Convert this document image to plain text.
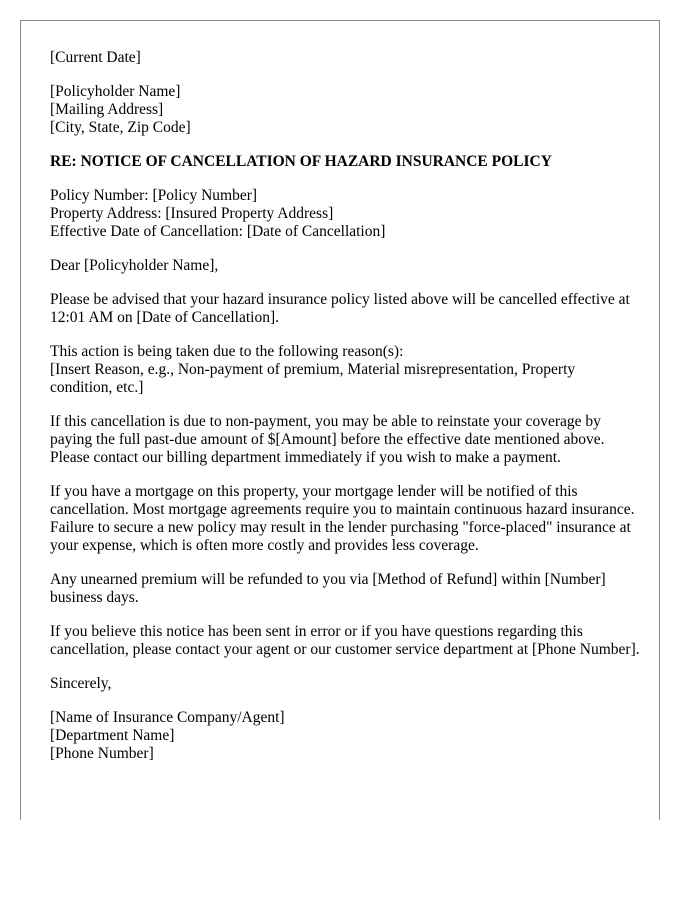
[Current Date]
[Policyholder Name]
[Mailing Address]
[City, State, Zip Code]
RE: NOTICE OF CANCELLATION OF HAZARD INSURANCE POLICY
Policy Number: [Policy Number]
Property Address: [Insured Property Address]
Effective Date of Cancellation: [Date of Cancellation]
Dear [Policyholder Name],

Please be advised that your hazard insurance policy listed above will be cancelled effective at 12:01 AM on [Date of Cancellation].

This action is being taken due to the following reason(s):
[Insert Reason, e.g., Non-payment of premium, Material misrepresentation, Property condition, etc.]

If this cancellation is due to non-payment, you may be able to reinstate your coverage by paying the full past-due amount of $[Amount] before the effective date mentioned above. Please contact our billing department immediately if you wish to make a payment.

If you have a mortgage on this property, your mortgage lender will be notified of this cancellation. Most mortgage agreements require you to maintain continuous hazard insurance. Failure to secure a new policy may result in the lender purchasing "force-placed" insurance at your expense, which is often more costly and provides less coverage.

Any unearned premium will be refunded to you via [Method of Refund] within [Number] business days.

If you believe this notice has been sent in error or if you have questions regarding this cancellation, please contact your agent or our customer service department at [Phone Number].

Sincerely,
[Name of Insurance Company/Agent]
[Department Name]
[Phone Number]
